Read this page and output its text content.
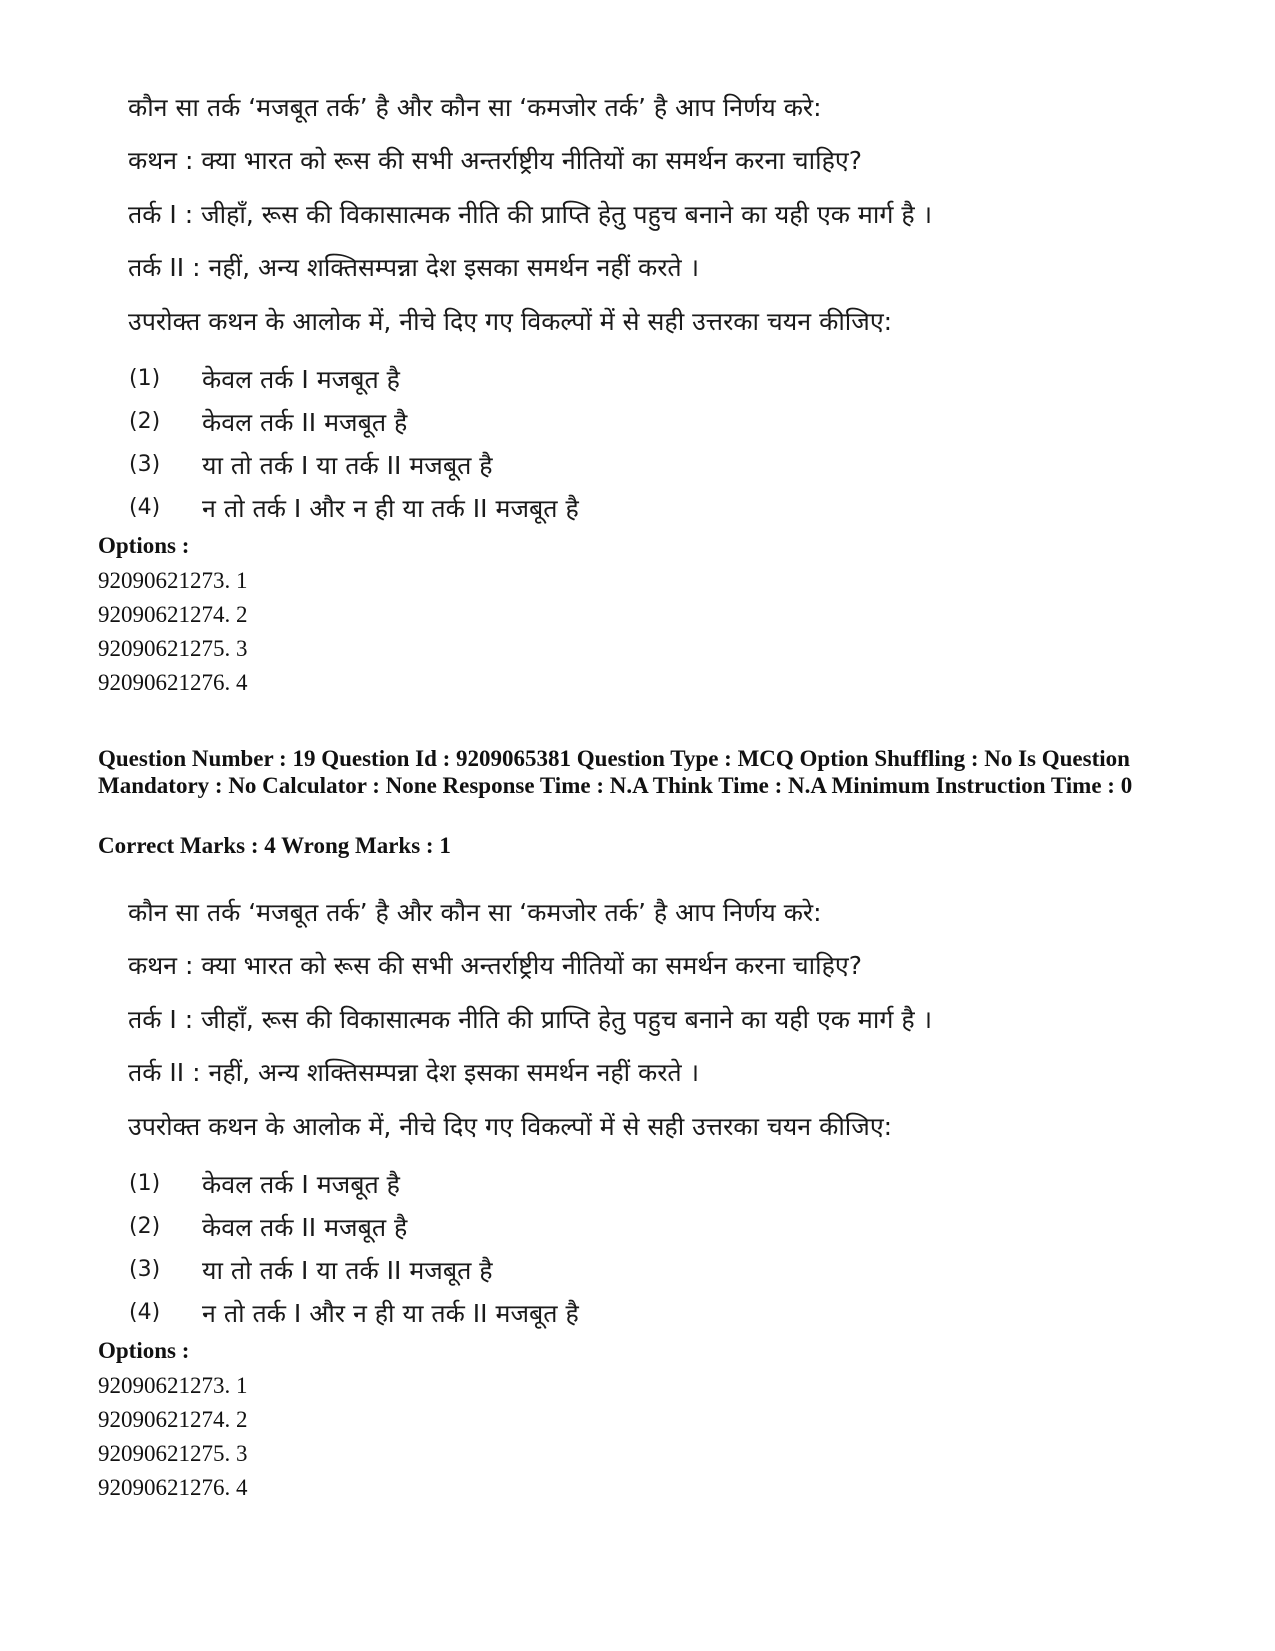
कौन सा तर्क ‘मजबूत तर्क’ है और कौन सा ‘कमजोर तर्क’ है आप निर्णय करे:
कथन : क्या भारत को रूस की सभी अन्तर्राष्ट्रीय नीतियों का समर्थन करना चाहिए?
तर्क I : जीहाँ, रूस की विकासात्मक नीति की प्राप्ति हेतु पहुच बनाने का यही एक मार्ग है ।
तर्क II : नहीं, अन्य शक्तिसम्पन्ना देश इसका समर्थन नहीं करते ।
उपरोक्त कथन के आलोक में, नीचे दिए गए विकल्पों में से सही उत्तरका चयन कीजिए:
(1) केवल तर्क I मजबूत है
(2) केवल तर्क II मजबूत है
(3) या तो तर्क I या तर्क II मजबूत है
(4) न तो तर्क I और न ही या तर्क II मजबूत है
Options :
92090621273. 1
92090621274. 2
92090621275. 3
92090621276. 4
Question Number : 19 Question Id : 9209065381 Question Type : MCQ Option Shuffling : No Is Question Mandatory : No Calculator : None Response Time : N.A Think Time : N.A Minimum Instruction Time : 0
Correct Marks : 4 Wrong Marks : 1
कौन सा तर्क ‘मजबूत तर्क’ है और कौन सा ‘कमजोर तर्क’ है आप निर्णय करे:
कथन : क्या भारत को रूस की सभी अन्तर्राष्ट्रीय नीतियों का समर्थन करना चाहिए?
तर्क I : जीहाँ, रूस की विकासात्मक नीति की प्राप्ति हेतु पहुच बनाने का यही एक मार्ग है ।
तर्क II : नहीं, अन्य शक्तिसम्पन्ना देश इसका समर्थन नहीं करते ।
उपरोक्त कथन के आलोक में, नीचे दिए गए विकल्पों में से सही उत्तरका चयन कीजिए:
(1) केवल तर्क I मजबूत है
(2) केवल तर्क II मजबूत है
(3) या तो तर्क I या तर्क II मजबूत है
(4) न तो तर्क I और न ही या तर्क II मजबूत है
Options :
92090621273. 1
92090621274. 2
92090621275. 3
92090621276. 4
